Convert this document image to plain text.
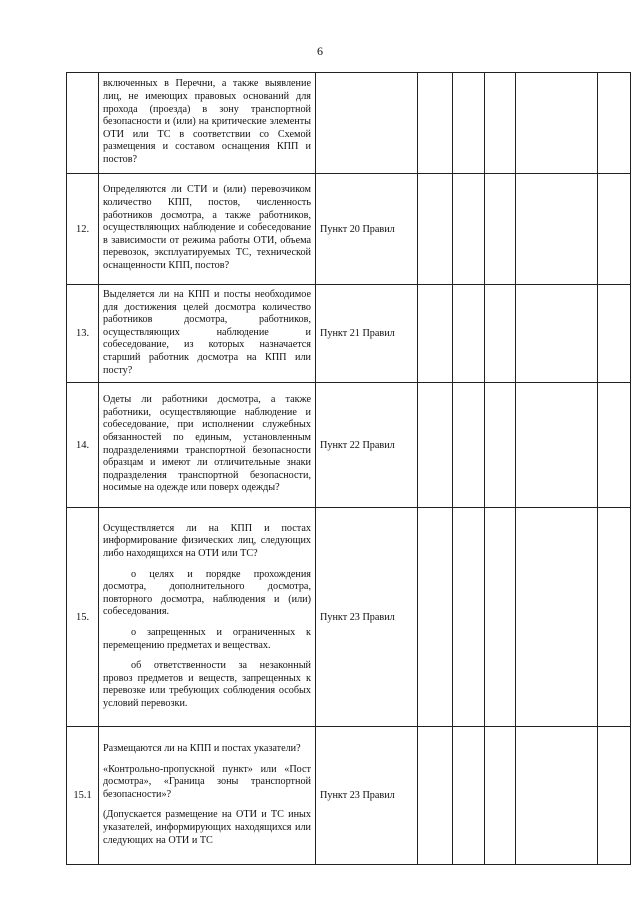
6

	включенных в Перечни, а также выявление лиц, не имеющих правовых оснований для прохода (проезда) в зону транспортной безопасности и (или) на критические элементы ОТИ или ТС в соответствии со Схемой размещения и составом оснащения КПП и постов?						

12.	Определяются ли СТИ и (или) перевозчиком количество КПП, постов, численность работников досмотра, а также работников, осуществляющих наблюдение и собеседование в зависимости от режима работы ОТИ, объема перевозок, эксплуатируемых ТС, технической оснащенности КПП, постов?	Пункт 20 Правил					
13.	Выделяется ли на КПП и посты необходимое для достижения целей досмотра количество работников досмотра, работников, осуществляющих наблюдение и собеседование, из которых назначается старший работник досмотра на КПП или посту?	Пункт 21 Правил					
14.	Одеты ли работники досмотра, а также работники, осуществляющие наблюдение и собеседование, при исполнении служебных обязанностей по единым, установленным подразделениями транспортной безопасности образцам и имеют ли отличительные знаки подразделения транспортной безопасности, носимые на одежде или поверх одежды?	Пункт 22 Правил					
15.	Осуществляется ли на КПП и постах информирование физических лиц, следующих либо находящихся на ОТИ или ТС?

о целях и порядке прохождения досмотра, дополнительного досмотра, повторного досмотра, наблюдения и (или) собеседования.

о запрещенных и ограниченных к перемещению предметах и веществах.

об ответственности за незаконный провоз предметов и веществ, запрещенных к перевозке или требующих соблюдения особых условий перевозки.	Пункт 23 Правил					
15.1	Размещаются ли на КПП и постах указатели?

«Контрольно-пропускной пункт» или «Пост досмотра», «Граница зоны транспортной безопасности»?

(Допускается размещение на ОТИ и ТС иных указателей, информирующих находящихся или следующих на ОТИ и ТС	Пункт 23 Правил					
